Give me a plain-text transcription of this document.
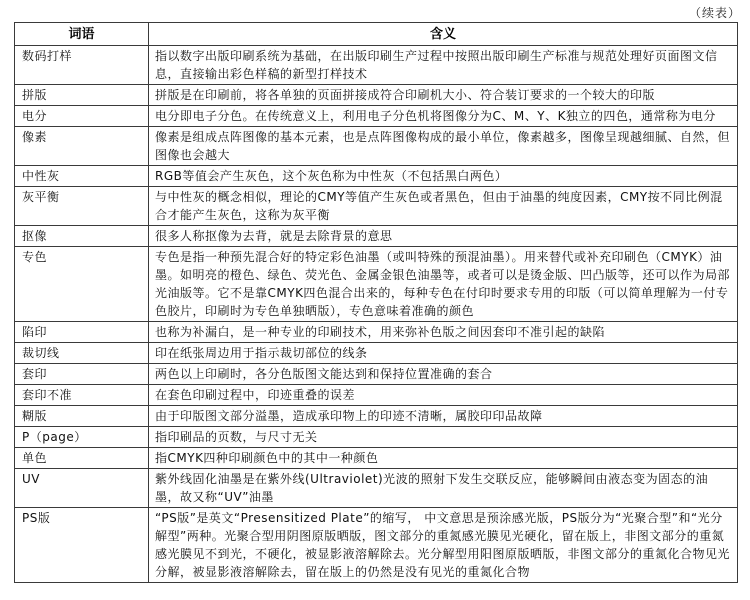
（续表）
词语	含义
数码打样	指以数字出版印刷系统为基础，在出版印刷生产过程中按照出版印刷生产标准与规范处理好页面图文信息，直接输出彩色样稿的新型打样技术
拼版	拼版是在印刷前，将各单独的页面拼接成符合印刷机大小、符合装订要求的一个较大的印版
电分	电分即电子分色。在传统意义上，利用电子分色机将图像分为C、M、Y、K独立的四色，通常称为电分
像素	像素是组成点阵图像的基本元素，也是点阵图像构成的最小单位，像素越多，图像呈现越细腻、自然，但图像也会越大
中性灰	RGB等值会产生灰色，这个灰色称为中性灰（不包括黑白两色）
灰平衡	与中性灰的概念相似，理论的CMY等值产生灰色或者黑色，但由于油墨的纯度因素，CMY按不同比例混合才能产生灰色，这称为灰平衡
抠像	很多人称抠像为去背，就是去除背景的意思
专色	专色是指一种预先混合好的特定彩色油墨（或叫特殊的预混油墨）。用来替代或补充印刷色（CMYK）油墨。如明亮的橙色、绿色、荧光色、金属金银色油墨等，或者可以是烫金版、凹凸版等，还可以作为局部光油版等。它不是靠CMYK四色混合出来的，每种专色在付印时要求专用的印版（可以简单理解为一付专色胶片，印刷时为专色单独晒版），专色意味着准确的颜色
陷印	也称为补漏白，是一种专业的印刷技术，用来弥补色版之间因套印不准引起的缺陷
裁切线	印在纸张周边用于指示裁切部位的线条
套印	两色以上印刷时，各分色版图文能达到和保持位置准确的套合
套印不准	在套色印刷过程中，印迹重叠的误差
糊版	由于印版图文部分溢墨，造成承印物上的印迹不清晰，属胶印印品故障
P（page）	指印刷品的页数，与尺寸无关
单色	指CMYK四种印刷颜色中的其中一种颜色
UV	紫外线固化油墨是在紫外线(Ultraviolet)光波的照射下发生交联反应，能够瞬间由液态变为固态的油墨，故又称“UV”油墨
PS版	“PS版”是英文“Presensitized Plate”的缩写， 中文意思是预涂感光版，PS版分为“光聚合型”和“光分解型”两种。光聚合型用阴图原版晒版，图文部分的重氮感光膜见光硬化，留在版上，非图文部分的重氮感光膜见不到光，不硬化，被显影液溶解除去。光分解型用阳图原版晒版，非图文部分的重氮化合物见光分解，被显影液溶解除去，留在版上的仍然是没有见光的重氮化合物
